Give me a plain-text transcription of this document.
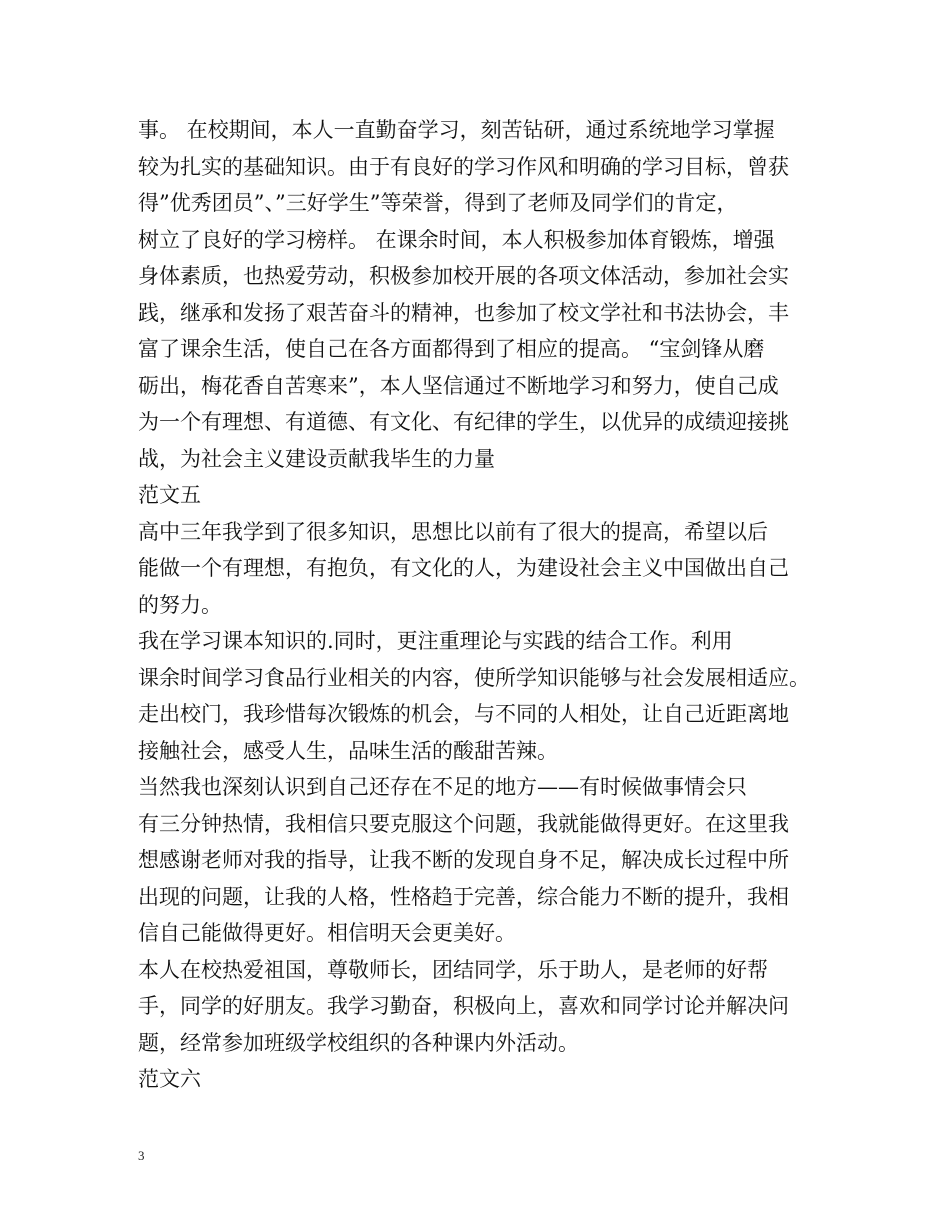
事。 在校期间，本人一直勤奋学习，刻苦钻研，通过系统地学习掌握
较为扎实的基础知识。由于有良好的学习作风和明确的学习目标，曾获
得”优秀团员”、”三好学生”等荣誉，得到了老师及同学们的肯定，
树立了良好的学习榜样。 在课余时间，本人积极参加体育锻炼，增强
身体素质，也热爱劳动，积极参加校开展的各项文体活动，参加社会实
践，继承和发扬了艰苦奋斗的精神，也参加了校文学社和书法协会，丰
富了课余生活，使自己在各方面都得到了相应的提高。 “宝剑锋从磨
砺出，梅花香自苦寒来”，本人坚信通过不断地学习和努力，使自己成
为一个有理想、有道德、有文化、有纪律的学生，以优异的成绩迎接挑
战，为社会主义建设贡献我毕生的力量
范文五
高中三年我学到了很多知识，思想比以前有了很大的提高，希望以后
能做一个有理想，有抱负，有文化的人，为建设社会主义中国做出自己
的努力。
我在学习课本知识的.同时，更注重理论与实践的结合工作。利用
课余时间学习食品行业相关的内容，使所学知识能够与社会发展相适应。
走出校门，我珍惜每次锻炼的机会，与不同的人相处，让自己近距离地
接触社会，感受人生，品味生活的酸甜苦辣。
当然我也深刻认识到自己还存在不足的地方——有时候做事情会只
有三分钟热情，我相信只要克服这个问题，我就能做得更好。在这里我
想感谢老师对我的指导，让我不断的发现自身不足，解决成长过程中所
出现的问题，让我的人格，性格趋于完善，综合能力不断的提升，我相
信自己能做得更好。相信明天会更美好。
本人在校热爱祖国，尊敬师长，团结同学，乐于助人，是老师的好帮
手，同学的好朋友。我学习勤奋，积极向上，喜欢和同学讨论并解决问
题，经常参加班级学校组织的各种课内外活动。
范文六
3
